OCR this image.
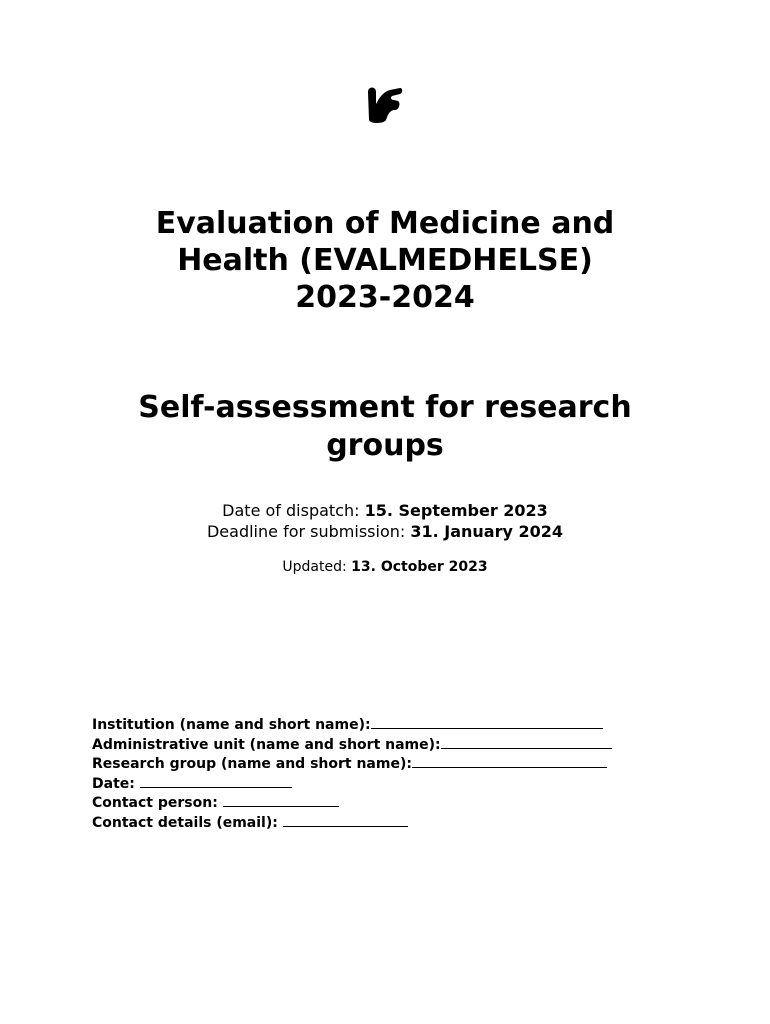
Evaluation of Medicine and
Health (EVALMEDHELSE)
2023-2024
Self-assessment for research
groups
Date of dispatch: 15. September 2023
Deadline for submission: 31. January 2024
Updated: 13. October 2023
Institution (name and short name):
Administrative unit (name and short name):
Research group (name and short name):
Date:
Contact person:
Contact details (email):
